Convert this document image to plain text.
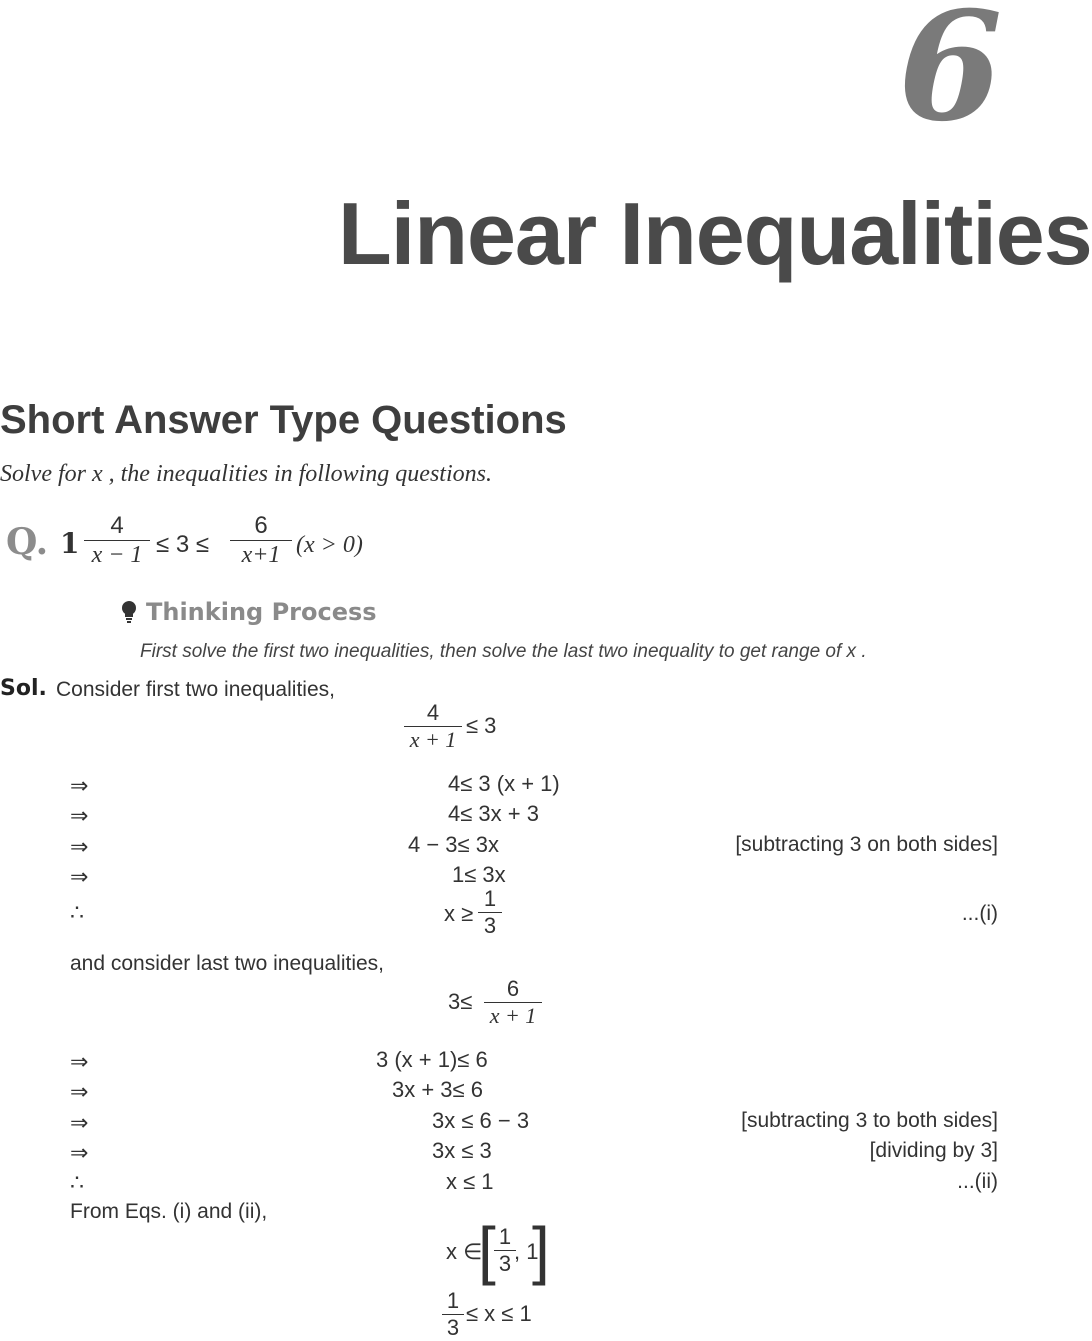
6
Linear Inequalities
Short Answer Type Questions
Solve for x , the inequalities in following questions.
Q. 1
4
x − 1 ≤ 3 ≤
6
x+1 (x > 0)
Thinking Process
First solve the first two inequalities, then solve the last two inequality to get range of x .
Sol. Consider first two inequalities,
4
x + 1
≤ 3
⇒	4≤ 3 (x + 1)
⇒	4≤ 3x + 3
⇒	4 − 3≤ 3x	[subtracting 3 on both sides]
⇒	1≤ 3x
∴	x ≥
1
3	...(i)
and consider last two inequalities,
3≤
6
x + 1
⇒	3 (x + 1)≤ 6
⇒	3x + 3≤ 6
⇒	3x ≤ 6 − 3	[subtracting 3 to both sides]
⇒	3x ≤ 3	[dividing by 3]
∴	x ≤ 1	...(ii)
From Eqs. (i) and (ii),
x ∈
[ 1
3 , 1
]
1
3
≤ x ≤ 1
